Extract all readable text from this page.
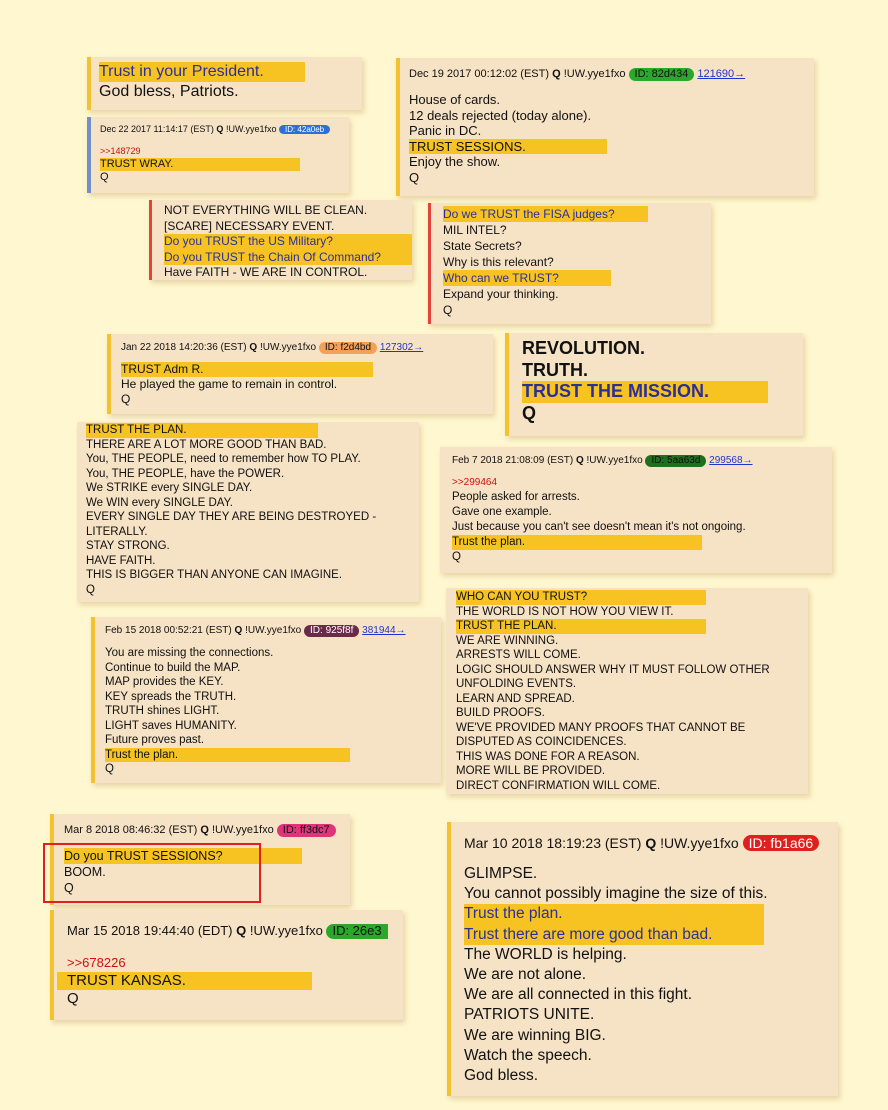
Trust in your President.
God bless, Patriots.
Dec 22 2017 11:14:17 (EST) Q !UW.yye1fxo ID: 42a0eb
>>148729
TRUST WRAY.
Q
Dec 19 2017 00:12:02 (EST) Q !UW.yye1fxo ID: 82d434 121690→
House of cards.
12 deals rejected (today alone).
Panic in DC.
TRUST SESSIONS.
Enjoy the show.
Q
NOT EVERYTHING WILL BE CLEAN.
[SCARE] NECESSARY EVENT.
Do you TRUST the US Military?
Do you TRUST the Chain Of Command?
Have FAITH - WE ARE IN CONTROL.
Do we TRUST the FISA judges?
MIL INTEL?
State Secrets?
Why is this relevant?
Who can we TRUST?
Expand your thinking.
Q
Jan 22 2018 14:20:36 (EST) Q !UW.yye1fxo ID: f2d4bd 127302→
TRUST Adm R.
He played the game to remain in control.
Q
REVOLUTION.
TRUTH.
TRUST THE MISSION.
Q
TRUST THE PLAN.
THERE ARE A LOT MORE GOOD THAN BAD.
You, THE PEOPLE, need to remember how TO PLAY.
You, THE PEOPLE, have the POWER.
We STRIKE every SINGLE DAY.
We WIN every SINGLE DAY.
EVERY SINGLE DAY THEY ARE BEING DESTROYED -
LITERALLY.
STAY STRONG.
HAVE FAITH.
THIS IS BIGGER THAN ANYONE CAN IMAGINE.
Q
Feb 7 2018 21:08:09 (EST) Q !UW.yye1fxo ID: 5aa63d 299568→
>>299464
People asked for arrests.
Gave one example.
Just because you can't see doesn't mean it's not ongoing.
Trust the plan.
Q
Feb 15 2018 00:52:21 (EST) Q !UW.yye1fxo ID: 925f8f 381944→
You are missing the connections.
Continue to build the MAP.
MAP provides the KEY.
KEY spreads the TRUTH.
TRUTH shines LIGHT.
LIGHT saves HUMANITY.
Future proves past.
Trust the plan.
Q
WHO CAN YOU TRUST?
THE WORLD IS NOT HOW YOU VIEW IT.
TRUST THE PLAN.
WE ARE WINNING.
ARRESTS WILL COME.
LOGIC SHOULD ANSWER WHY IT MUST FOLLOW OTHER
UNFOLDING EVENTS.
LEARN AND SPREAD.
BUILD PROOFS.
WE'VE PROVIDED MANY PROOFS THAT CANNOT BE
DISPUTED AS COINCIDENCES.
THIS WAS DONE FOR A REASON.
MORE WILL BE PROVIDED.
DIRECT CONFIRMATION WILL COME.
Mar 8 2018 08:46:32 (EST) Q !UW.yye1fxo ID: ff3dc7
Do you TRUST SESSIONS?
BOOM.
Q
Mar 15 2018 19:44:40 (EDT) Q !UW.yye1fxo ID: 26e3
>>678226
TRUST KANSAS.
Q
Mar 10 2018 18:19:23 (EST) Q !UW.yye1fxo ID: fb1a66
GLIMPSE.
You cannot possibly imagine the size of this.
Trust the plan.
Trust there are more good than bad.
The WORLD is helping.
We are not alone.
We are all connected in this fight.
PATRIOTS UNITE.
We are winning BIG.
Watch the speech.
God bless.
